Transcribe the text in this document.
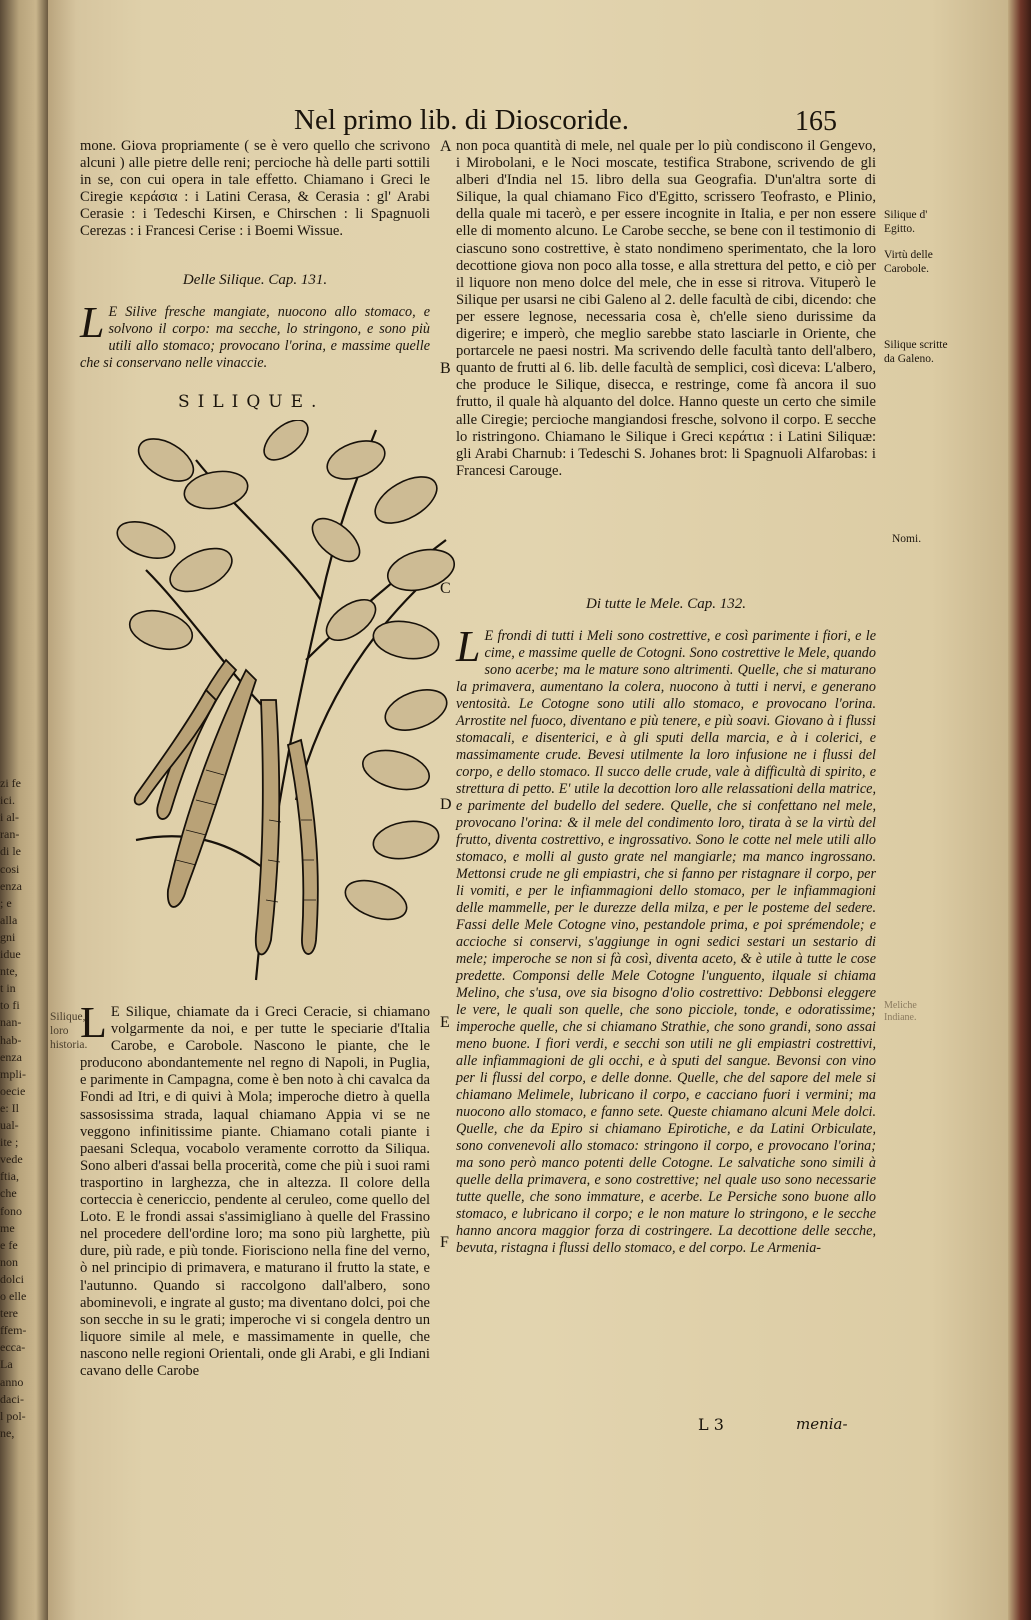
zi fe
ici.
i al-
ran-
di le
cosi
enza
; e
alla
gni
idue
nte,
t in
to fi
nan-
hab-
enza
mpli-
oecie
e: Il
ual-
ite ;
vede
ftia,
che
fono
me
e fe
non
dolci
o elle
tere
ffem-
ecca-
La
anno
daci-
l pol-
ne,
Nel primo lib. di Dioscoride.	165
mone. Giova propriamente ( se è vero quello che scrivono alcuni ) alle pietre delle reni; percioche hà delle parti sottili in se, con cui opera in tale effetto. Chiamano i Greci le Ciregie κεράσια : i Latini Cerasa, & Cerasia : gl' Arabi Cerasie : i Tedeschi Kirsen, e Chirschen : li Spagnuoli Cerezas : i Francesi Cerise : i Boemi Wissue.
Delle Silique. Cap. 131.
L E Silive fresche mangiate, nuocono allo stomaco, e solvono il corpo: ma secche, lo stringono, e sono più utili allo stomaco; provocano l'orina, e massime quelle che si conservano nelle vinaccie.
SILIQUE.
Silique, loro historia.
L E Silique, chiamate da i Greci Ceracie, si chiamano volgarmente da noi, e per tutte le speciarie d'Italia Carobe, e Carobole. Nascono le piante, che le producono abondantemente nel regno di Napoli, in Puglia, e parimente in Campagna, come è ben noto à chi cavalca da Fondi ad Itri, e di quivi à Mola; imperoche dietro à quella sassosissima strada, laqual chiamano Appia vi se ne veggono infinitissime piante. Chiamano cotali piante i paesani Sclequa, vocabolo veramente corrotto da Siliqua. Sono alberi d'assai bella procerità, come che più i suoi rami trasportino in larghezza, che in altezza. Il colore della corteccia è cenericcio, pendente al ceruleo, come quello del Loto. E le frondi assai s'assimigliano à quelle del Frassino nel procedere dell'ordine loro; ma sono più larghette, più dure, più rade, e più tonde. Fiorisciono nella fine del verno, ò nel principio di primavera, e maturano il frutto la state, e l'autunno. Quando si raccolgono dall'albero, sono abominevoli, e ingrate al gusto; ma diventano dolci, poi che son secche in su le grati; imperoche vi si congela dentro un liquore simile al mele, e massimamente in quelle, che nascono nelle regioni Orientali, onde gli Arabi, e gli Indiani cavano delle Carobe
A
B
C
D
E
F
non poca quantità di mele, nel quale per lo più condiscono il Gengevo, i Mirobolani, e le Noci moscate, testifica Strabone, scrivendo de gli alberi d'India nel 15. libro della sua Geografia. D'un'altra sorte di Silique, la qual chiamano Fico d'Egitto, scrissero Teofrasto, e Plinio, della quale mi tacerò, e per essere incognite in Italia, e per non essere elle di momento alcuno. Le Carobe secche, se bene con il testimonio di ciascuno sono costrettive, è stato nondimeno sperimentato, che la loro decottione giova non poco alla tosse, e alla strettura del petto, e ciò per il liquore non meno dolce del mele, che in esse si ritrova. Vituperò le Silique per usarsi ne cibi Galeno al 2. delle facultà de cibi, dicendo: che per essere legnose, necessaria cosa è, ch'elle sieno durissime da digerire; e imperò, che meglio sarebbe stato lasciarle in Oriente, che portarcele ne paesi nostri. Ma scrivendo delle facultà tanto dell'albero, quanto de frutti al 6. lib. delle facultà de semplici, così diceva: L'albero, che produce le Silique, disecca, e restringe, come fà ancora il suo frutto, il quale hà alquanto del dolce. Hanno queste un certo che simile alle Ciregie; percioche mangiandosi fresche, solvono il corpo. E secche lo ristringono. Chiamano le Silique i Greci κεράτια : i Latini Siliquæ: gli Arabi Charnub: i Tedeschi S. Johanes brot: li Spagnuoli Alfarobas: i Francesi Carouge.
Di tutte le Mele. Cap. 132.
L E frondi di tutti i Meli sono costrettive, e così parimente i fiori, e le cime, e massime quelle de Cotogni. Sono costrettive le Mele, quando sono acerbe; ma le mature sono altrimenti. Quelle, che si maturano la primavera, aumentano la colera, nuocono à tutti i nervi, e generano ventosità. Le Cotogne sono utili allo stomaco, e provocano l'orina. Arrostite nel fuoco, diventano e più tenere, e più soavi. Giovano à i flussi stomacali, e disenterici, e à gli sputi della marcia, e à i colerici, e massimamente crude. Bevesi utilmente la loro infusione ne i flussi del corpo, e dello stomaco. Il succo delle crude, vale à difficultà di spirito, e strettura di petto. E' utile la decottion loro alle relassationi della matrice, e parimente del budello del sedere. Quelle, che si confettano nel mele, provocano l'orina: & il mele del condimento loro, tirata à se la virtù del frutto, diventa costrettivo, e ingrossativo. Sono le cotte nel mele utili allo stomaco, e molli al gusto grate nel mangiarle; ma manco ingrossano. Mettonsi crude ne gli empiastri, che si fanno per ristagnare il corpo, per li vomiti, e per le infiammagioni dello stomaco, per le infiammagioni delle mammelle, per le durezze della milza, e per le posteme del sedere. Fassi delle Mele Cotogne vino, pestandole prima, e poi sprémendole; e accioche si conservi, s'aggiunge in ogni sedici sestari un sestario di mele; imperoche se non si fà così, diventa aceto, & è utile à tutte le cose predette. Componsi delle Mele Cotogne l'unguento, ilquale si chiama Melino, che s'usa, ove sia bisogno d'olio costrettivo: Debbonsi eleggere le vere, le quali son quelle, che sono picciole, tonde, e odoratissime; imperoche quelle, che si chiamano Strathie, che sono grandi, sono assai meno buone. I fiori verdi, e secchi son utili ne gli empiastri costrettivi, alle infiammagioni de gli occhi, e à sputi del sangue. Bevonsi con vino per li flussi del corpo, e delle donne. Quelle, che del sapore del mele si chiamano Melimele, lubricano il corpo, e cacciano fuori i vermini; ma nuocono allo stomaco, e fanno sete. Queste chiamano alcuni Mele dolci. Quelle, che da Epiro si chiamano Epirotiche, e da Latini Orbiculate, sono convenevoli allo stomaco: stringono il corpo, e provocano l'orina; ma sono però manco potenti delle Cotogne. Le salvatiche sono simili à quelle della primavera, e sono costrettive; nel quale uso sono necessarie tutte quelle, che sono immature, e acerbe. Le Persiche sono buone allo stomaco, e lubricano il corpo; e le non mature lo stringono, e le secche hanno ancora maggior forza di costringere. La decottione delle secche, bevuta, ristagna i flussi dello stomaco, e del corpo. Le Armenia-
Silique d' Egitto.
Virtù delle Carobole.
Silique scritte da Galeno.
Nomi.
Meliche Indiane.
L 3	menia-
